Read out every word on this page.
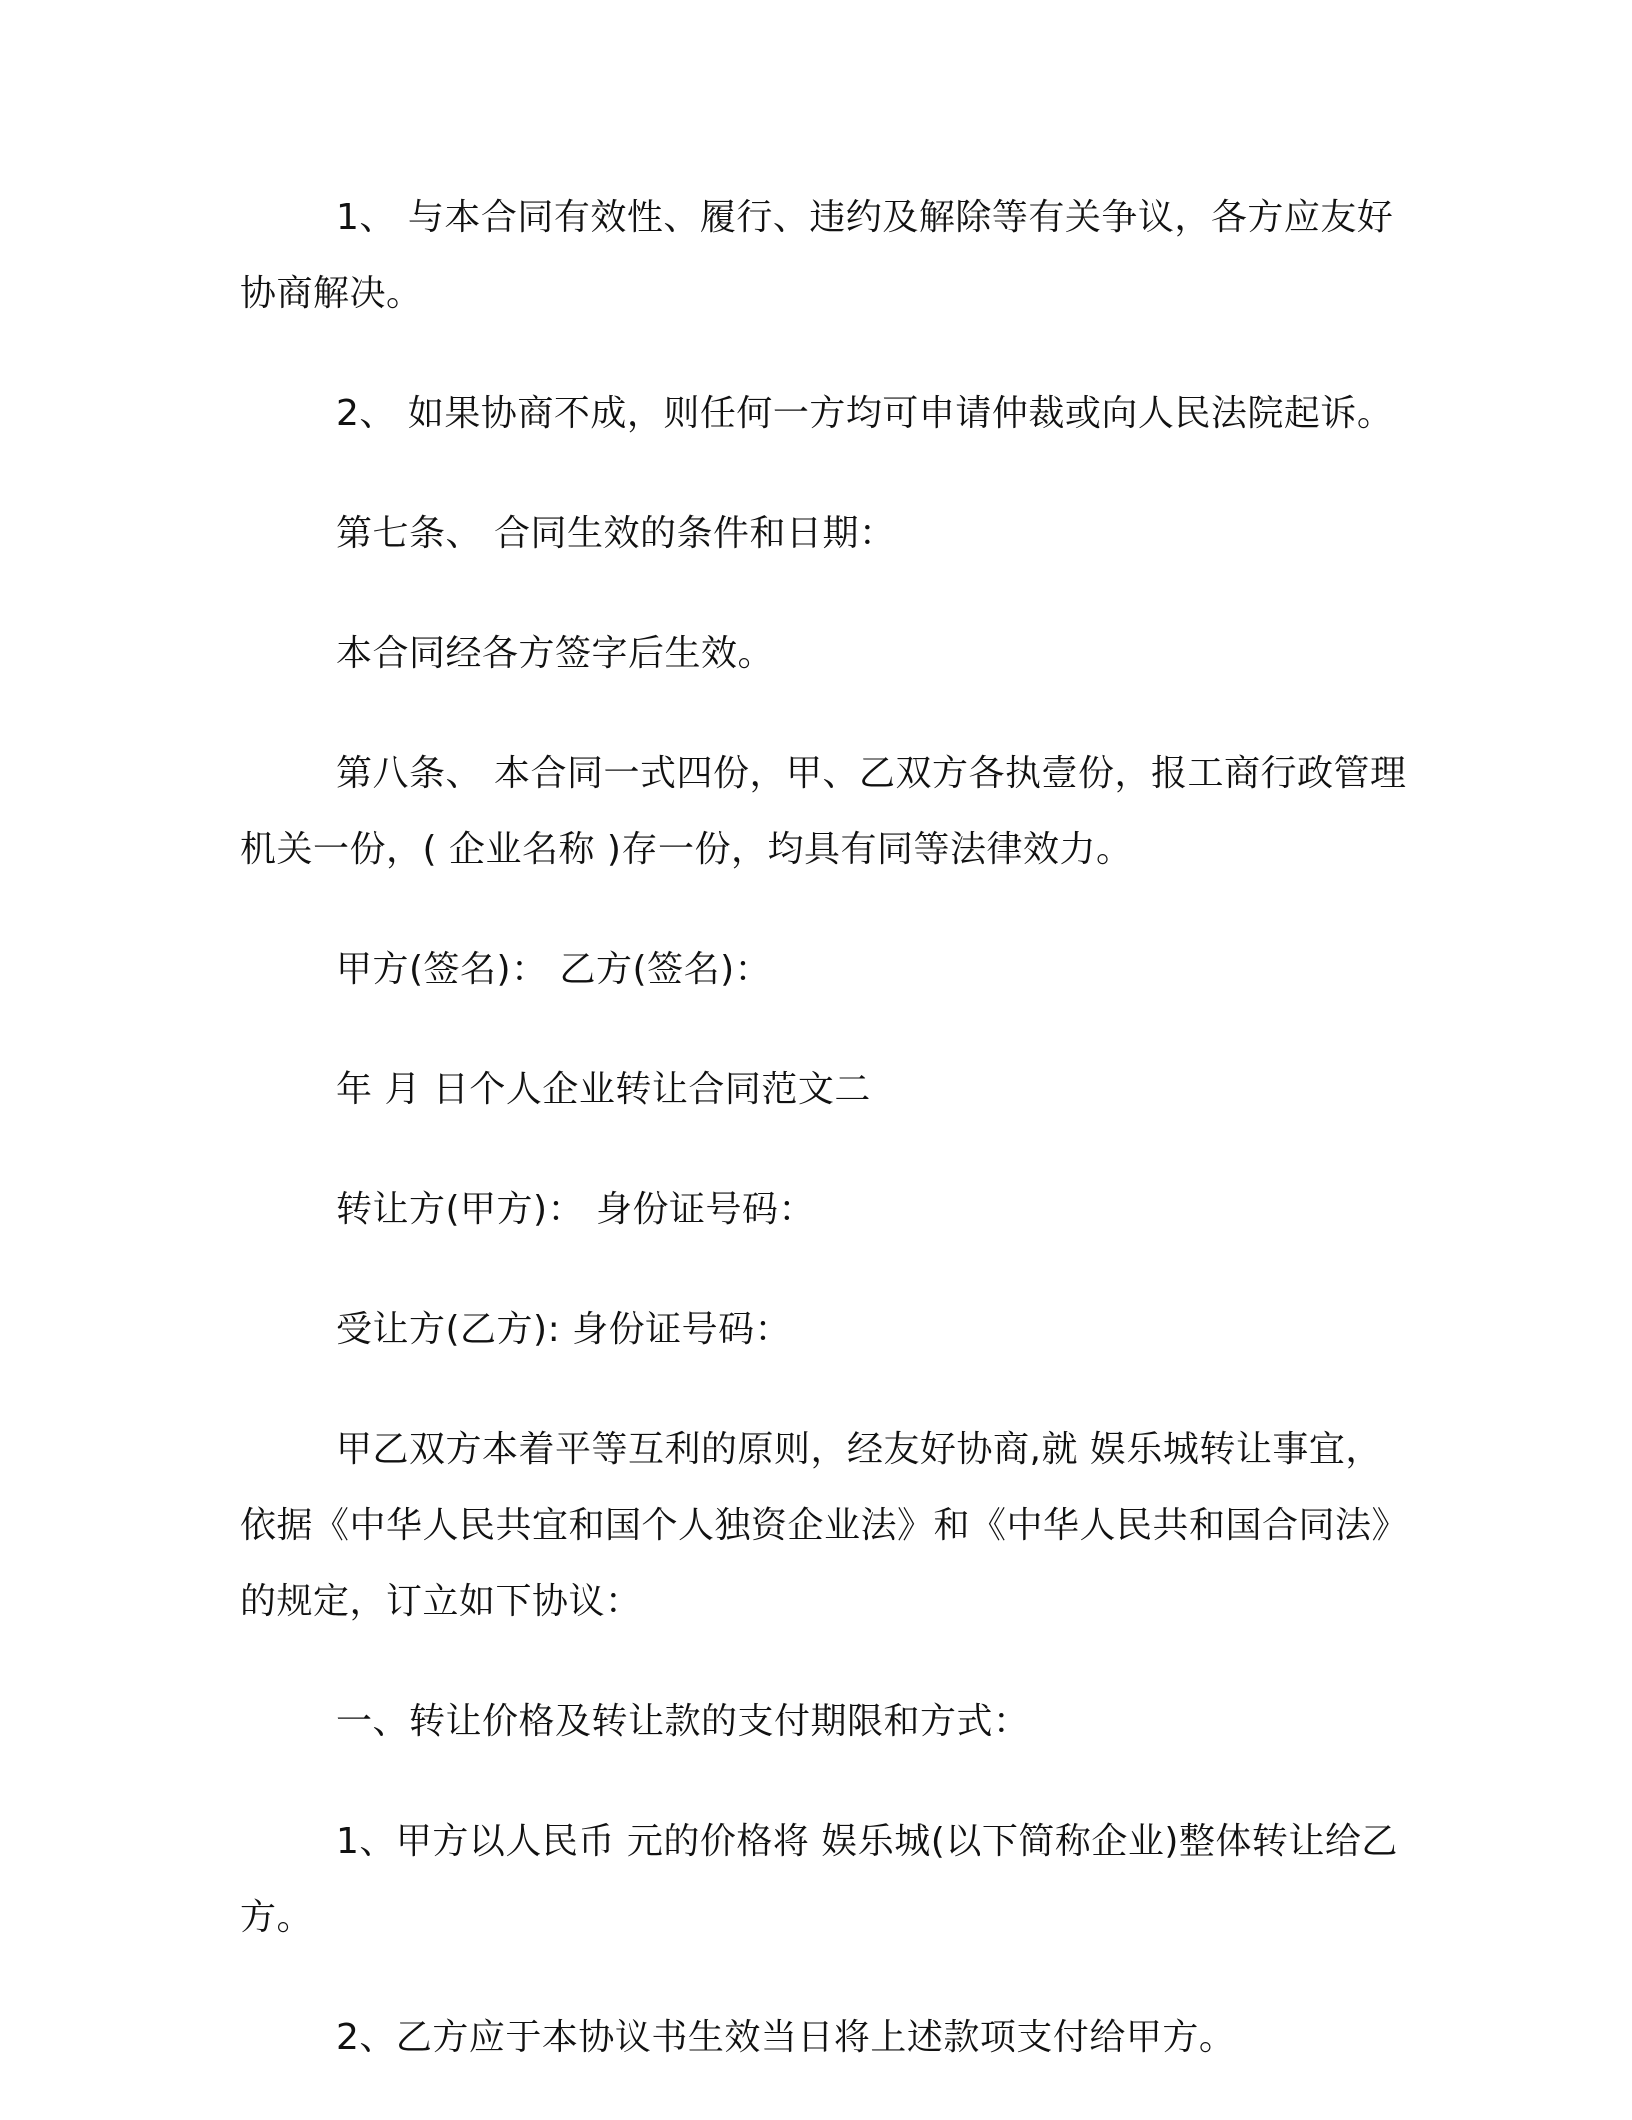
1、 与本合同有效性、履行、违约及解除等有关争议，各方应友好协商解决。

2、 如果协商不成，则任何一方均可申请仲裁或向人民法院起诉。

第七条、 合同生效的条件和日期：

本合同经各方签字后生效。

第八条、 本合同一式四份，甲、乙双方各执壹份，报工商行政管理机关一份，( 企业名称 )存一份，均具有同等法律效力。

甲方(签名)： 乙方(签名)：

年 月 日个人企业转让合同范文二

转让方(甲方)： 身份证号码：

受让方(乙方): 身份证号码：

甲乙双方本着平等互利的原则，经友好协商,就 娱乐城转让事宜，依据《中华人民共宜和国个人独资企业法》和《中华人民共和国合同法》的规定，订立如下协议：

一、转让价格及转让款的支付期限和方式：

1、甲方以人民币 元的价格将 娱乐城(以下简称企业)整体转让给乙方。

2、乙方应于本协议书生效当日将上述款项支付给甲方。
